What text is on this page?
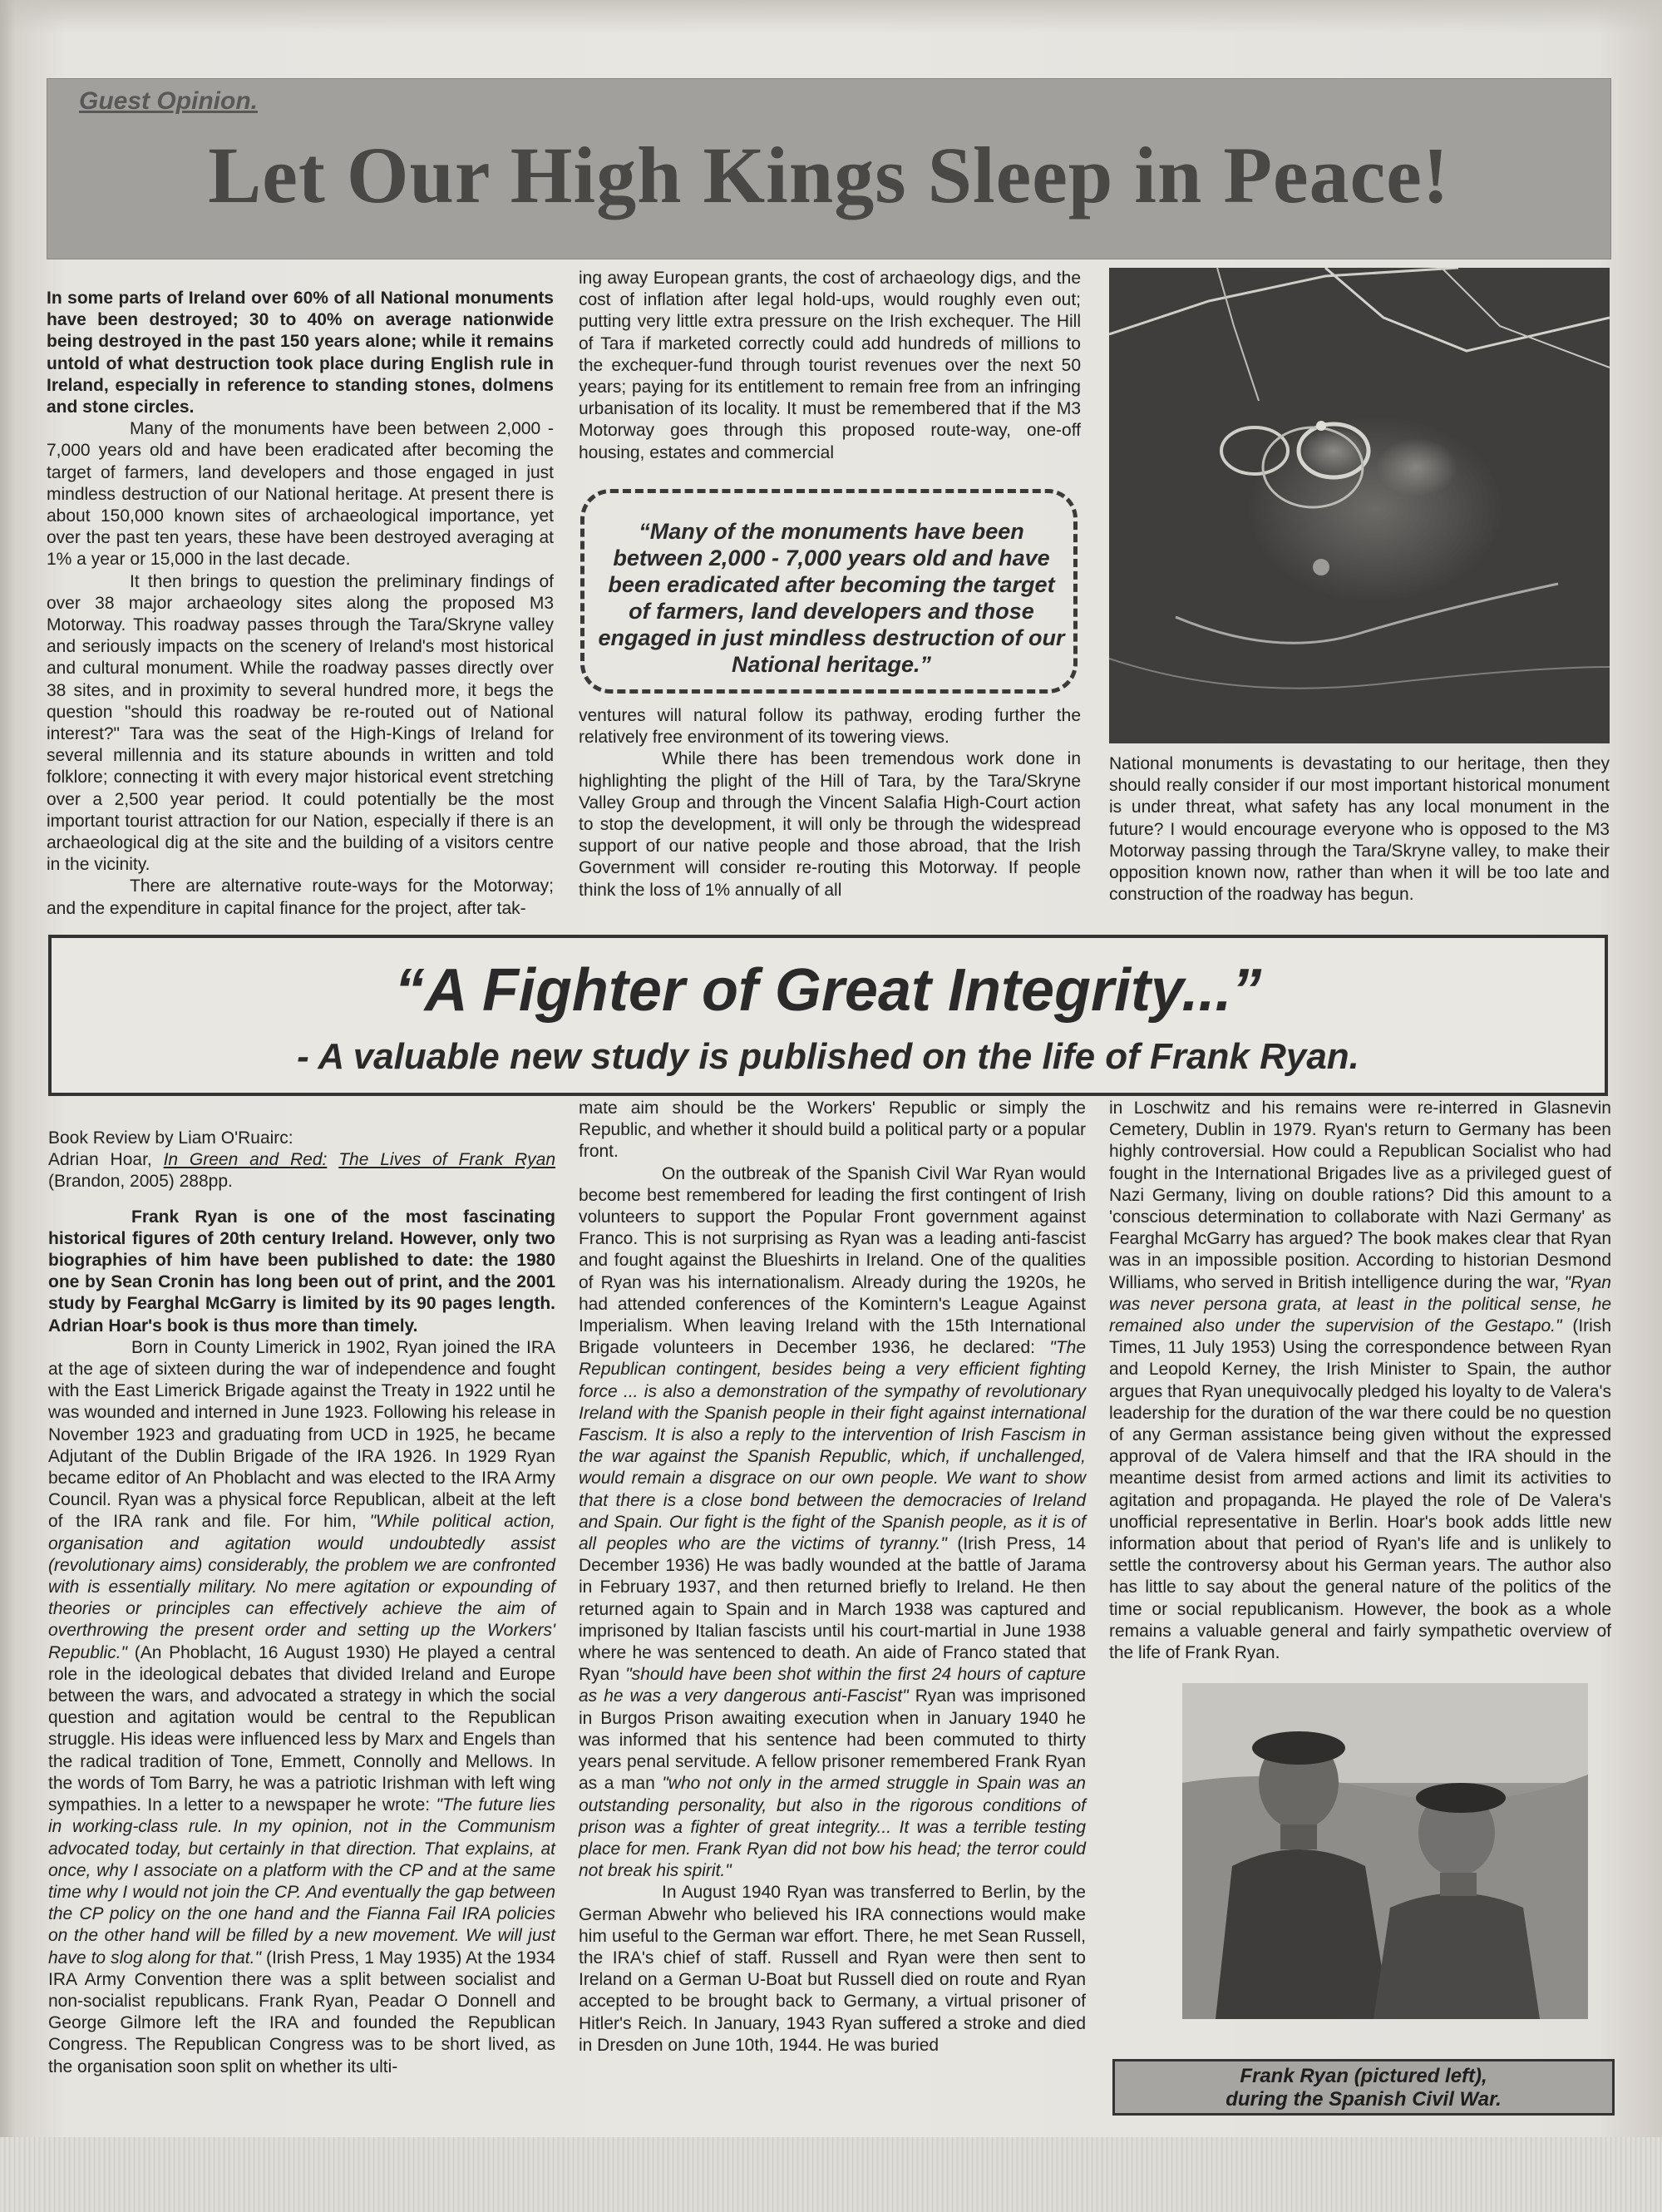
Guest Opinion.
Let Our High Kings Sleep in Peace!

In some parts of Ireland over 60% of all National monuments have been destroyed; 30 to 40% on average nationwide being destroyed in the past 150 years alone; while it remains untold of what destruction took place during English rule in Ireland, especially in reference to standing stones, dolmens and stone circles.

Many of the monuments have been between 2,000 - 7,000 years old and have been eradicated after becoming the target of farmers, land developers and those engaged in just mindless destruction of our National heritage. At present there is about 150,000 known sites of archaeological importance, yet over the past ten years, these have been destroyed averaging at 1% a year or 15,000 in the last decade.

It then brings to question the preliminary findings of over 38 major archaeology sites along the proposed M3 Motorway. This roadway passes through the Tara/Skryne valley and seriously impacts on the scenery of Ireland's most historical and cultural monument. While the roadway passes directly over 38 sites, and in proximity to several hundred more, it begs the question "should this roadway be re-routed out of National interest?" Tara was the seat of the High-Kings of Ireland for several millennia and its stature abounds in written and told folklore; connecting it with every major historical event stretching over a 2,500 year period. It could potentially be the most important tourist attraction for our Nation, especially if there is an archaeological dig at the site and the building of a visitors centre in the vicinity.

There are alternative route-ways for the Motorway; and the expenditure in capital finance for the project, after tak-

ing away European grants, the cost of archaeology digs, and the cost of inflation after legal hold-ups, would roughly even out; putting very little extra pressure on the Irish exchequer. The Hill of Tara if marketed correctly could add hundreds of millions to the exchequer-fund through tourist revenues over the next 50 years; paying for its entitlement to remain free from an infringing urbanisation of its locality. It must be remembered that if the M3 Motorway goes through this proposed route-way, one-off housing, estates and commercial

“Many of the monuments have been between 2,000 - 7,000 years old and have been eradicated after becoming the target of farmers, land developers and those engaged in just mindless destruction of our National heritage.”

ventures will natural follow its pathway, eroding further the relatively free environment of its towering views.

While there has been tremendous work done in highlighting the plight of the Hill of Tara, by the Tara/Skryne Valley Group and through the Vincent Salafia High-Court action to stop the development, it will only be through the widespread support of our native people and those abroad, that the Irish Government will consider re-routing this Motorway. If people think the loss of 1% annually of all

National monuments is devastating to our heritage, then they should really consider if our most important historical monument is under threat, what safety has any local monument in the future? I would encourage everyone who is opposed to the M3 Motorway passing through the Tara/Skryne valley, to make their opposition known now, rather than when it will be too late and construction of the roadway has begun.

“A Fighter of Great Integrity...”
- A valuable new study is published on the life of Frank Ryan.

Book Review by Liam O'Ruairc:

Adrian Hoar, In Green and Red: The Lives of Frank Ryan (Brandon, 2005) 288pp.

Frank Ryan is one of the most fascinating historical figures of 20th century Ireland. However, only two biographies of him have been published to date: the 1980 one by Sean Cronin has long been out of print, and the 2001 study by Fearghal McGarry is limited by its 90 pages length. Adrian Hoar's book is thus more than timely.

Born in County Limerick in 1902, Ryan joined the IRA at the age of sixteen during the war of independence and fought with the East Limerick Brigade against the Treaty in 1922 until he was wounded and interned in June 1923. Following his release in November 1923 and graduating from UCD in 1925, he became Adjutant of the Dublin Brigade of the IRA 1926. In 1929 Ryan became editor of An Phoblacht and was elected to the IRA Army Council. Ryan was a physical force Republican, albeit at the left of the IRA rank and file. For him, "While political action, organisation and agitation would undoubtedly assist (revolutionary aims) considerably, the problem we are confronted with is essentially military. No mere agitation or expounding of theories or principles can effectively achieve the aim of overthrowing the present order and setting up the Workers' Republic." (An Phoblacht, 16 August 1930) He played a central role in the ideological debates that divided Ireland and Europe between the wars, and advocated a strategy in which the social question and agitation would be central to the Republican struggle. His ideas were influenced less by Marx and Engels than the radical tradition of Tone, Emmett, Connolly and Mellows. In the words of Tom Barry, he was a patriotic Irishman with left wing sympathies. In a letter to a newspaper he wrote: "The future lies in working-class rule. In my opinion, not in the Communism advocated today, but certainly in that direction. That explains, at once, why I associate on a platform with the CP and at the same time why I would not join the CP. And eventually the gap between the CP policy on the one hand and the Fianna Fail IRA policies on the other hand will be filled by a new movement. We will just have to slog along for that." (Irish Press, 1 May 1935) At the 1934 IRA Army Convention there was a split between socialist and non-socialist republicans. Frank Ryan, Peadar O Donnell and George Gilmore left the IRA and founded the Republican Congress. The Republican Congress was to be short lived, as the organisation soon split on whether its ulti-

mate aim should be the Workers' Republic or simply the Republic, and whether it should build a political party or a popular front.

On the outbreak of the Spanish Civil War Ryan would become best remembered for leading the first contingent of Irish volunteers to support the Popular Front government against Franco. This is not surprising as Ryan was a leading anti-fascist and fought against the Blueshirts in Ireland. One of the qualities of Ryan was his internationalism. Already during the 1920s, he had attended conferences of the Komintern's League Against Imperialism. When leaving Ireland with the 15th International Brigade volunteers in December 1936, he declared: "The Republican contingent, besides being a very efficient fighting force ... is also a demonstration of the sympathy of revolutionary Ireland with the Spanish people in their fight against international Fascism. It is also a reply to the intervention of Irish Fascism in the war against the Spanish Republic, which, if unchallenged, would remain a disgrace on our own people. We want to show that there is a close bond between the democracies of Ireland and Spain. Our fight is the fight of the Spanish people, as it is of all peoples who are the victims of tyranny." (Irish Press, 14 December 1936) He was badly wounded at the battle of Jarama in February 1937, and then returned briefly to Ireland. He then returned again to Spain and in March 1938 was captured and imprisoned by Italian fascists until his court-martial in June 1938 where he was sentenced to death. An aide of Franco stated that Ryan "should have been shot within the first 24 hours of capture as he was a very dangerous anti-Fascist" Ryan was imprisoned in Burgos Prison awaiting execution when in January 1940 he was informed that his sentence had been commuted to thirty years penal servitude. A fellow prisoner remembered Frank Ryan as a man "who not only in the armed struggle in Spain was an outstanding personality, but also in the rigorous conditions of prison was a fighter of great integrity... It was a terrible testing place for men. Frank Ryan did not bow his head; the terror could not break his spirit."

In August 1940 Ryan was transferred to Berlin, by the German Abwehr who believed his IRA connections would make him useful to the German war effort. There, he met Sean Russell, the IRA's chief of staff. Russell and Ryan were then sent to Ireland on a German U-Boat but Russell died on route and Ryan accepted to be brought back to Germany, a virtual prisoner of Hitler's Reich. In January, 1943 Ryan suffered a stroke and died in Dresden on June 10th, 1944. He was buried

in Loschwitz and his remains were re-interred in Glasnevin Cemetery, Dublin in 1979. Ryan's return to Germany has been highly controversial. How could a Republican Socialist who had fought in the International Brigades live as a privileged guest of Nazi Germany, living on double rations? Did this amount to a 'conscious determination to collaborate with Nazi Germany' as Fearghal McGarry has argued? The book makes clear that Ryan was in an impossible position. According to historian Desmond Williams, who served in British intelligence during the war, "Ryan was never persona grata, at least in the political sense, he remained also under the supervision of the Gestapo." (Irish Times, 11 July 1953) Using the correspondence between Ryan and Leopold Kerney, the Irish Minister to Spain, the author argues that Ryan unequivocally pledged his loyalty to de Valera's leadership for the duration of the war there could be no question of any German assistance being given without the expressed approval of de Valera himself and that the IRA should in the meantime desist from armed actions and limit its activities to agitation and propaganda. He played the role of De Valera's unofficial representative in Berlin. Hoar's book adds little new information about that period of Ryan's life and is unlikely to settle the controversy about his German years. The author also has little to say about the general nature of the politics of the time or social republicanism. However, the book as a whole remains a valuable general and fairly sympathetic overview of the life of Frank Ryan.

Frank Ryan (pictured left),
during the Spanish Civil War.
